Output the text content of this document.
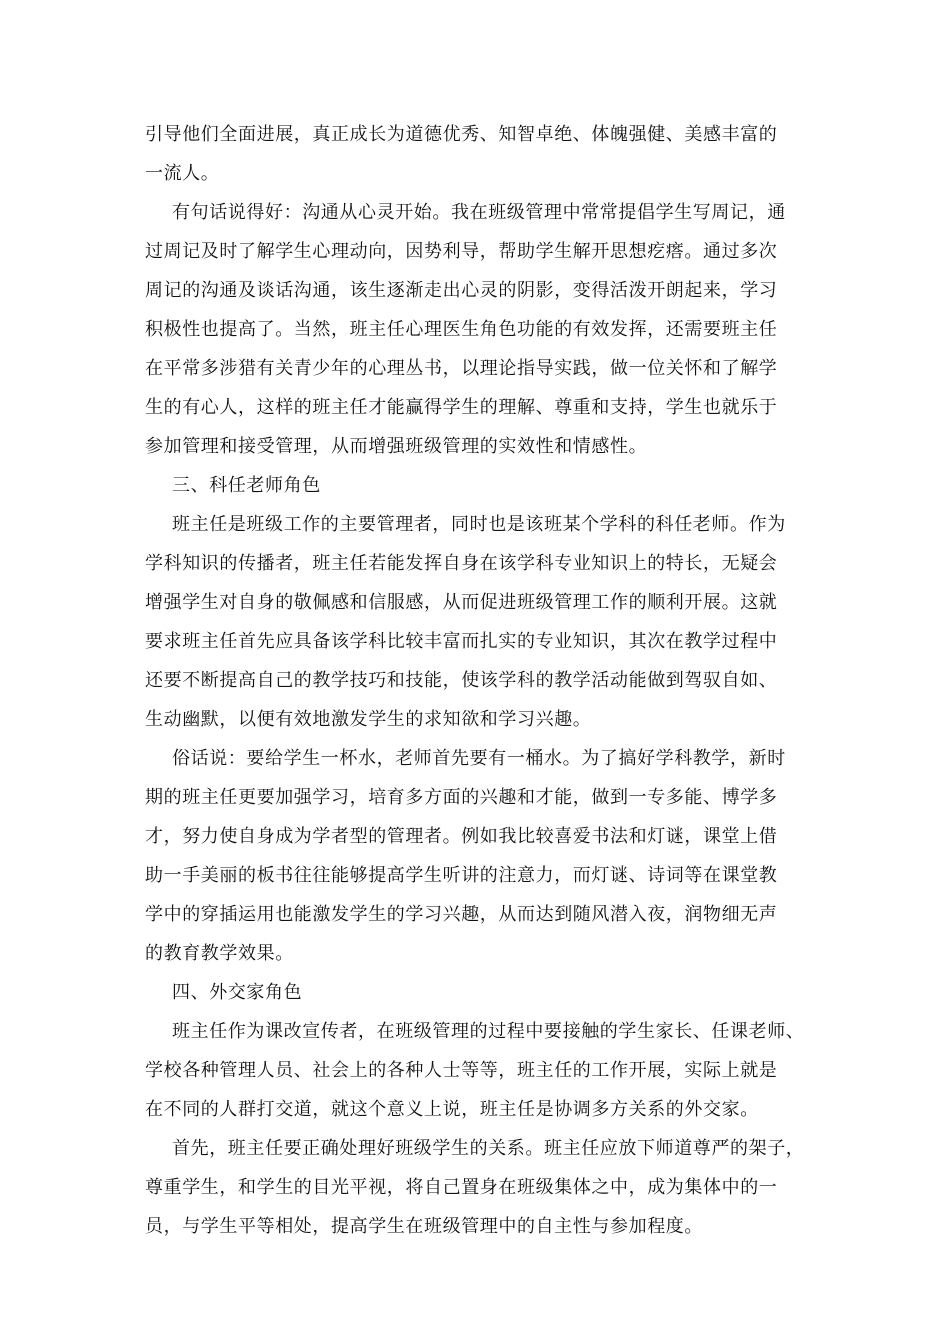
引导他们全面进展，真正成长为道德优秀、知智卓绝、体魄强健、美感丰富的
一流人。
有句话说得好：沟通从心灵开始。我在班级管理中常常提倡学生写周记，通
过周记及时了解学生心理动向，因势利导，帮助学生解开思想疙瘩。通过多次
周记的沟通及谈话沟通，该生逐渐走出心灵的阴影，变得活泼开朗起来，学习
积极性也提高了。当然，班主任心理医生角色功能的有效发挥，还需要班主任
在平常多涉猎有关青少年的心理丛书，以理论指导实践，做一位关怀和了解学
生的有心人，这样的班主任才能赢得学生的理解、尊重和支持，学生也就乐于
参加管理和接受管理，从而增强班级管理的实效性和情感性。
三、科任老师角色
班主任是班级工作的主要管理者，同时也是该班某个学科的科任老师。作为
学科知识的传播者，班主任若能发挥自身在该学科专业知识上的特长，无疑会
增强学生对自身的敬佩感和信服感，从而促进班级管理工作的顺利开展。这就
要求班主任首先应具备该学科比较丰富而扎实的专业知识，其次在教学过程中
还要不断提高自己的教学技巧和技能，使该学科的教学活动能做到驾驭自如、
生动幽默，以便有效地激发学生的求知欲和学习兴趣。
俗话说：要给学生一杯水，老师首先要有一桶水。为了搞好学科教学，新时
期的班主任更要加强学习，培育多方面的兴趣和才能，做到一专多能、博学多
才，努力使自身成为学者型的管理者。例如我比较喜爱书法和灯谜，课堂上借
助一手美丽的板书往往能够提高学生听讲的注意力，而灯谜、诗词等在课堂教
学中的穿插运用也能激发学生的学习兴趣，从而达到随风潜入夜，润物细无声
的教育教学效果。
四、外交家角色
班主任作为课改宣传者，在班级管理的过程中要接触的学生家长、任课老师、
学校各种管理人员、社会上的各种人士等等，班主任的工作开展，实际上就是
在不同的人群打交道，就这个意义上说，班主任是协调多方关系的外交家。
首先，班主任要正确处理好班级学生的关系。班主任应放下师道尊严的架子，
尊重学生，和学生的目光平视，将自己置身在班级集体之中，成为集体中的一
员，与学生平等相处，提高学生在班级管理中的自主性与参加程度。
